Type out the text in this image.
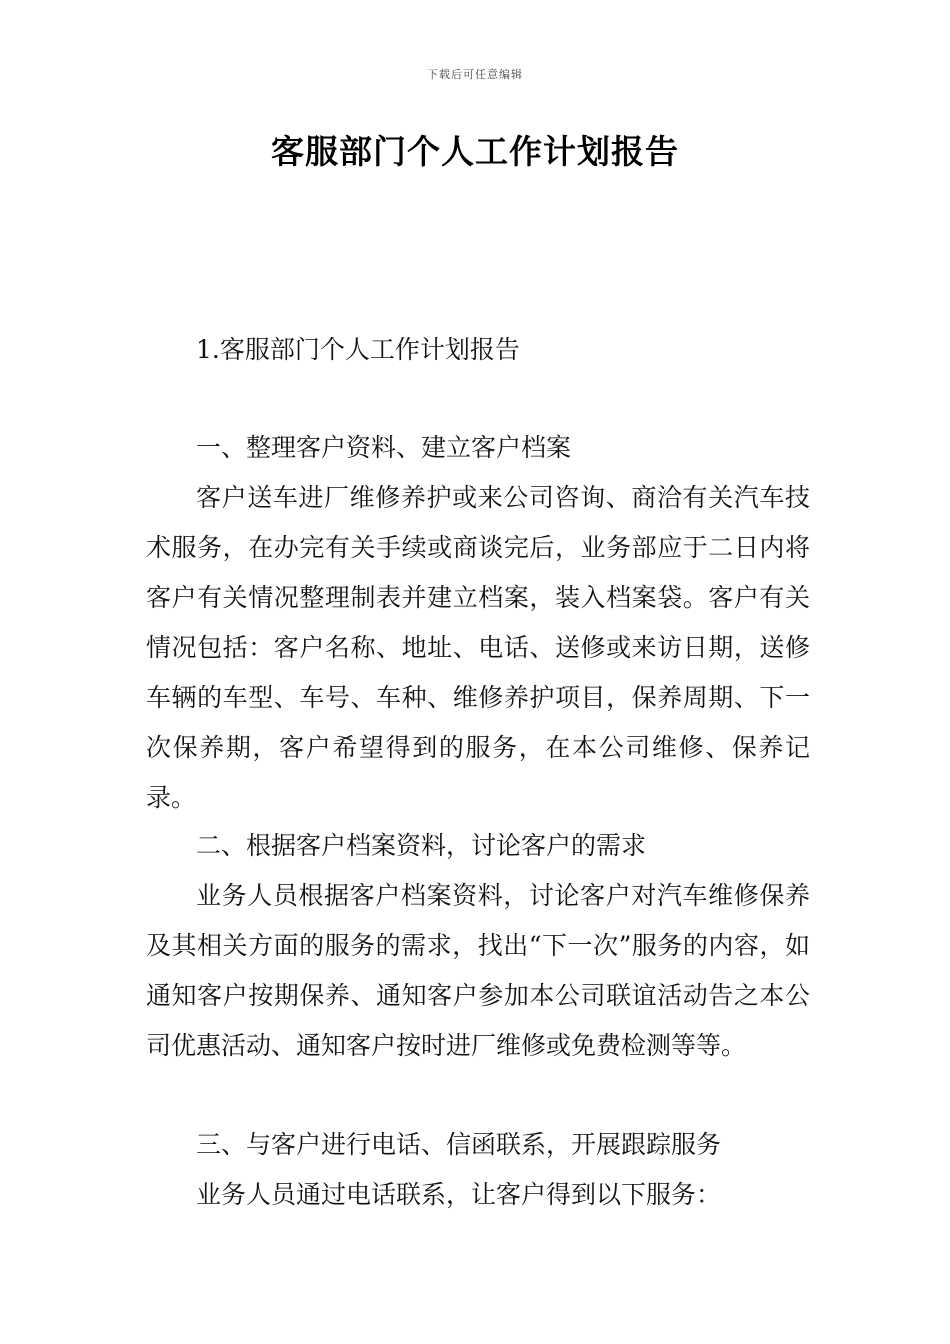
下载后可任意编辑
客服部门个人工作计划报告
1.客服部门个人工作计划报告
一、整理客户资料、建立客户档案

客户送车进厂维修养护或来公司咨询、商洽有关汽车技术服务，在办完有关手续或商谈完后，业务部应于二日内将客户有关情况整理制表并建立档案，装入档案袋。客户有关情况包括：客户名称、地址、电话、送修或来访日期，送修车辆的车型、车号、车种、维修养护项目，保养周期、下一次保养期，客户希望得到的服务，在本公司维修、保养记录。

二、根据客户档案资料，讨论客户的需求

业务人员根据客户档案资料，讨论客户对汽车维修保养及其相关方面的服务的需求，找出“下一次”服务的内容，如通知客户按期保养、通知客户参加本公司联谊活动告之本公司优惠活动、通知客户按时进厂维修或免费检测等等。

三、与客户进行电话、信函联系，开展跟踪服务
业务人员通过电话联系，让客户得到以下服务：
